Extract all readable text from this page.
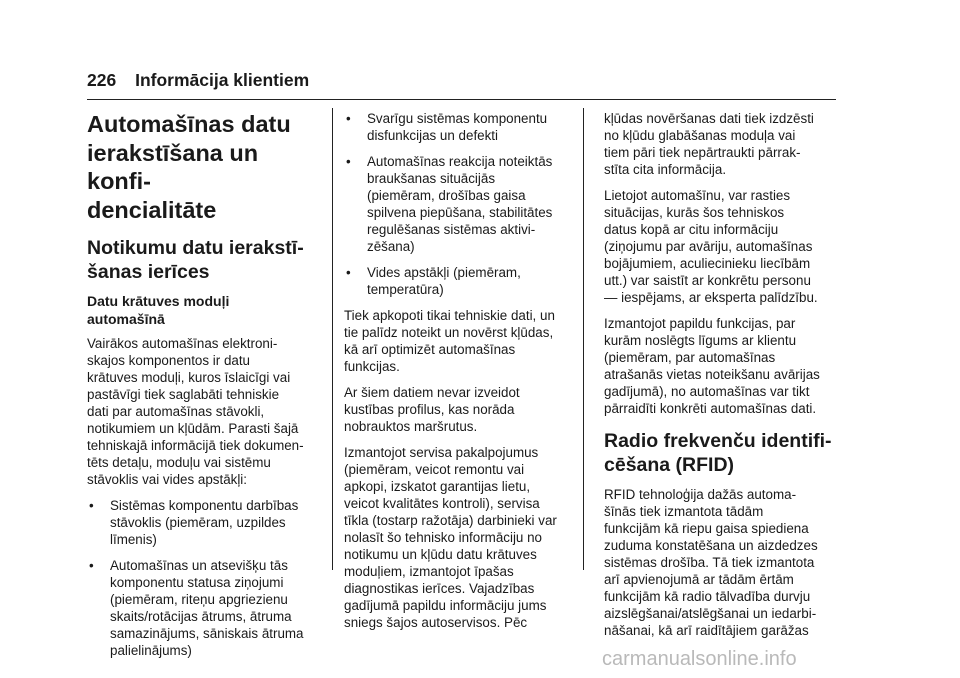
226 Informācija klientiem
Automašīnas datu
ierakstīšana un konfi-
dencialitāte
Notikumu datu ierakstī-
šanas ierīces
Datu krātuves moduļi
automašīnā

Vairākos automašīnas elektroni-
skajos komponentos ir datu
krātuves moduļi, kuros īslaicīgi vai
pastāvīgi tiek saglabāti tehniskie
dati par automašīnas stāvokli,
notikumiem un kļūdām. Parasti šajā
tehniskajā informācijā tiek dokumen-
tēts detaļu, moduļu vai sistēmu
stāvoklis vai vides apstākļi:

• Sistēmas komponentu darbības
stāvoklis (piemēram, uzpildes
līmenis)
• Automašīnas un atsevišķu tās
komponentu statusa ziņojumi
(piemēram, riteņu apgriezienu
skaits/rotācijas ātrums, ātruma
samazinājums, sāniskais ātruma
palielinājums)
• Svarīgu sistēmas komponentu
disfunkcijas un defekti
• Automašīnas reakcija noteiktās
braukšanas situācijās
(piemēram, drošības gaisa
spilvena piepūšana, stabilitātes
regulēšanas sistēmas aktivi-
zēšana)
• Vides apstākļi (piemēram,
temperatūra)

Tiek apkopoti tikai tehniskie dati, un
tie palīdz noteikt un novērst kļūdas,
kā arī optimizēt automašīnas
funkcijas.

Ar šiem datiem nevar izveidot
kustības profilus, kas norāda
nobrauktos maršrutus.

Izmantojot servisa pakalpojumus
(piemēram, veicot remontu vai
apkopi, izskatot garantijas lietu,
veicot kvalitātes kontroli), servisa
tīkla (tostarp ražotāja) darbinieki var
nolasīt šo tehnisko informāciju no
notikumu un kļūdu datu krātuves
moduļiem, izmantojot īpašas
diagnostikas ierīces. Vajadzības
gadījumā papildu informāciju jums
sniegs šajos autoservisos. Pēc

kļūdas novēršanas dati tiek izdzēsti
no kļūdu glabāšanas moduļa vai
tiem pāri tiek nepārtraukti pārrak-
stīta cita informācija.

Lietojot automašīnu, var rasties
situācijas, kurās šos tehniskos
datus kopā ar citu informāciju
(ziņojumu par avāriju, automašīnas
bojājumiem, aculiecinieku liecībām
utt.) var saistīt ar konkrētu personu
— iespējams, ar eksperta palīdzību.

Izmantojot papildu funkcijas, par
kurām noslēgts līgums ar klientu
(piemēram, par automašīnas
atrašanās vietas noteikšanu avārijas
gadījumā), no automašīnas var tikt
pārraidīti konkrēti automašīnas dati.

Radio frekvenču identifi-
cēšana (RFID)

RFID tehnoloģija dažās automa-
šīnās tiek izmantota tādām
funkcijām kā riepu gaisa spiediena
zuduma konstatēšana un aizdedzes
sistēmas drošība. Tā tiek izmantota
arī apvienojumā ar tādām ērtām
funkcijām kā radio tālvadība durvju
aizslēgšanai/atslēgšanai un iedarbi-
nāšanai, kā arī raidītājiem garāžas

carmanualsonline.info
